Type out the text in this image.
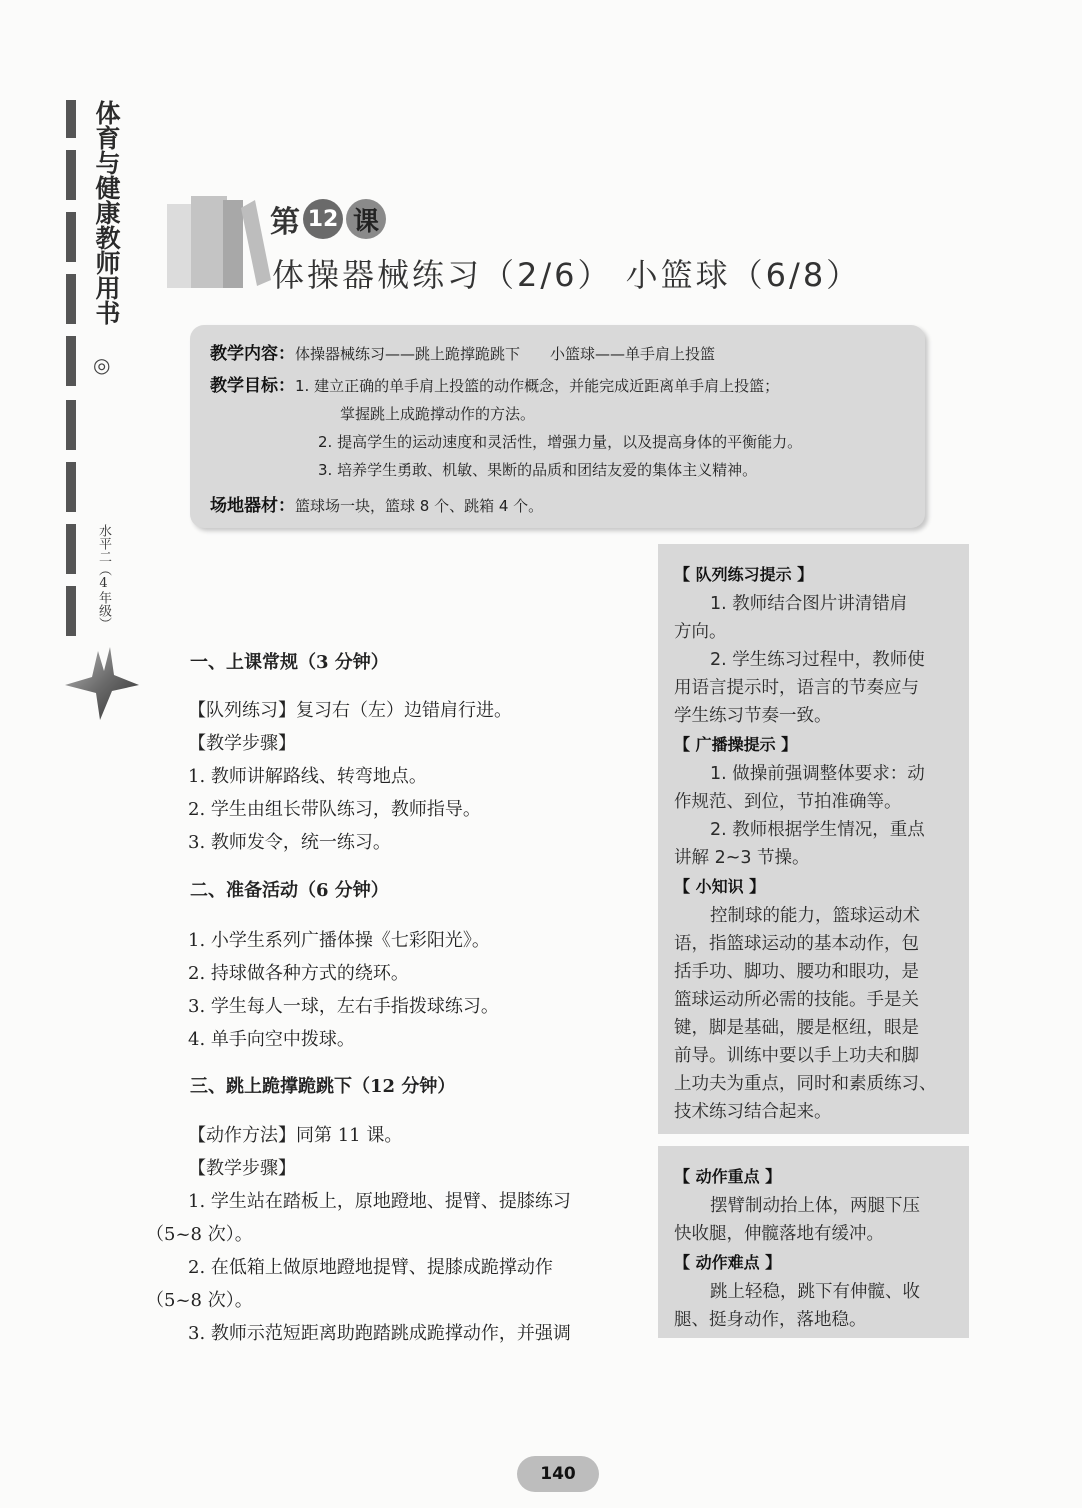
体育与健康教师用书
◎
水平二（4年级）
第 12 课
体操器械练习（2/6） 小篮球（6/8）
教学内容：体操器械练习——跳上跪撑跪跳下　　小篮球——单手肩上投篮
教学目标：1. 建立正确的单手肩上投篮的动作概念，并能完成近距离单手肩上投篮；
掌握跳上成跪撑动作的方法。
2. 提高学生的运动速度和灵活性，增强力量，以及提高身体的平衡能力。
3. 培养学生勇敢、机敏、果断的品质和团结友爱的集体主义精神。
场地器材：篮球场一块，篮球 8 个、跳箱 4 个。
一、上课常规（3 分钟）
【队列练习】复习右（左）边错肩行进。
【教学步骤】
1. 教师讲解路线、转弯地点。
2. 学生由组长带队练习，教师指导。
3. 教师发令，统一练习。
二、准备活动（6 分钟）
1. 小学生系列广播体操《七彩阳光》。
2. 持球做各种方式的绕环。
3. 学生每人一球，左右手指拨球练习。
4. 单手向空中拨球。
三、跳上跪撑跪跳下（12 分钟）
【动作方法】同第 11 课。
【教学步骤】
1. 学生站在踏板上，原地蹬地、提臂、提膝练习
（5~8 次）。
2. 在低箱上做原地蹬地提臂、提膝成跪撑动作
（5~8 次）。
3. 教师示范短距离助跑踏跳成跪撑动作，并强调
【 队列练习提示 】
1. 教师结合图片讲清错肩
方向。
2. 学生练习过程中，教师使
用语言提示时，语言的节奏应与
学生练习节奏一致。
【 广播操提示 】
1. 做操前强调整体要求：动
作规范、到位，节拍准确等。
2. 教师根据学生情况，重点
讲解 2~3 节操。
【 小知识 】
控制球的能力，篮球运动术
语，指篮球运动的基本动作，包
括手功、脚功、腰功和眼功，是
篮球运动所必需的技能。手是关
键，脚是基础，腰是枢纽，眼是
前导。训练中要以手上功夫和脚
上功夫为重点，同时和素质练习、
技术练习结合起来。
【 动作重点 】
摆臂制动抬上体，两腿下压
快收腿，伸髋落地有缓冲。
【 动作难点 】
跳上轻稳，跳下有伸髋、收
腿、挺身动作，落地稳。
140
